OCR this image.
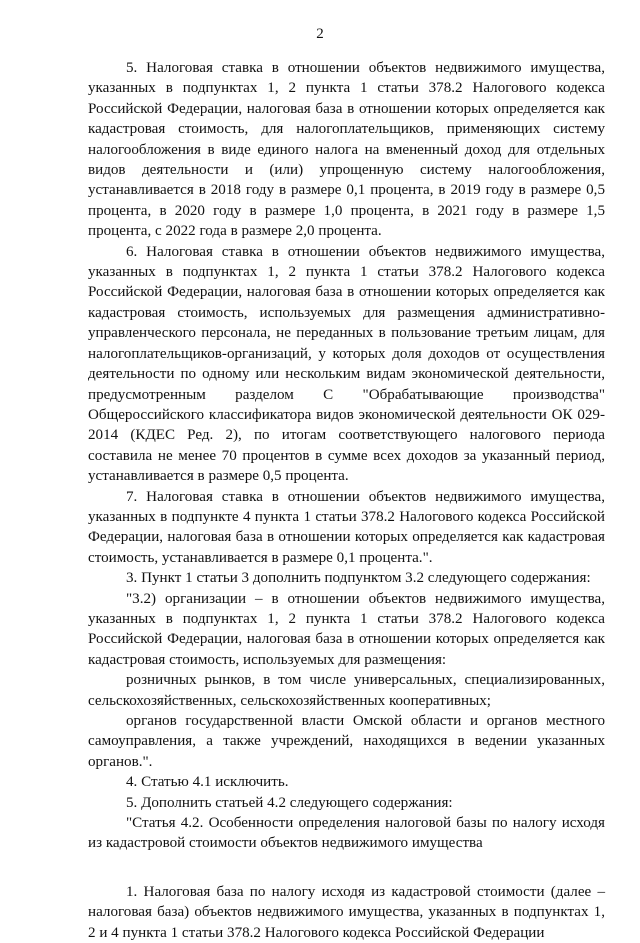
2

5. Налоговая ставка в отношении объектов недвижимого имущества, указанных в подпунктах 1, 2 пункта 1 статьи 378.2 Налогового кодекса Российской Федерации, налоговая база в отношении которых определяется как кадастровая стоимость, для налогоплательщиков, применяющих систему налогообложения в виде единого налога на вмененный доход для отдельных видов деятельности и (или) упрощенную систему налогообложения, устанавливается в 2018 году в размере 0,1 процента, в 2019 году в размере 0,5 процента, в 2020 году в размере 1,0 процента, в 2021 году в размере 1,5 процента, с 2022 года в размере 2,0 процента.

6. Налоговая ставка в отношении объектов недвижимого имущества, указанных в подпунктах 1, 2 пункта 1 статьи 378.2 Налогового кодекса Российской Федерации, налоговая база в отношении которых определяется как кадастровая стоимость, используемых для размещения административно-управленческого персонала, не переданных в пользование третьим лицам, для налогоплательщиков-организаций, у которых доля доходов от осуществления деятельности по одному или нескольким видам экономической деятельности, предусмотренным разделом C "Обрабатывающие производства" Общероссийского классификатора видов экономической деятельности ОК 029-2014 (КДЕС Ред. 2), по итогам соответствующего налогового периода составила не менее 70 процентов в сумме всех доходов за указанный период, устанавливается в размере 0,5 процента.

7. Налоговая ставка в отношении объектов недвижимого имущества, указанных в подпункте 4 пункта 1 статьи 378.2 Налогового кодекса Российской Федерации, налоговая база в отношении которых определяется как кадастровая стоимость, устанавливается в размере 0,1 процента.".

3. Пункт 1 статьи 3 дополнить подпунктом 3.2 следующего содержания:

"3.2) организации – в отношении объектов недвижимого имущества, указанных в подпунктах 1, 2 пункта 1 статьи 378.2 Налогового кодекса Российской Федерации, налоговая база в отношении которых определяется как кадастровая стоимость, используемых для размещения:

розничных рынков, в том числе универсальных, специализированных, сельскохозяйственных, сельскохозяйственных кооперативных;

органов государственной власти Омской области и органов местного самоуправления, а также учреждений, находящихся в ведении указанных органов.".

4. Статью 4.1 исключить.

5. Дополнить статьей 4.2 следующего содержания:

"Статья 4.2. Особенности определения налоговой базы по налогу исходя из кадастровой стоимости объектов недвижимого имущества

1. Налоговая база по налогу исходя из кадастровой стоимости (далее – налоговая база) объектов недвижимого имущества, указанных в подпунктах 1, 2 и 4 пункта 1 статьи 378.2 Налогового кодекса Российской Федерации
